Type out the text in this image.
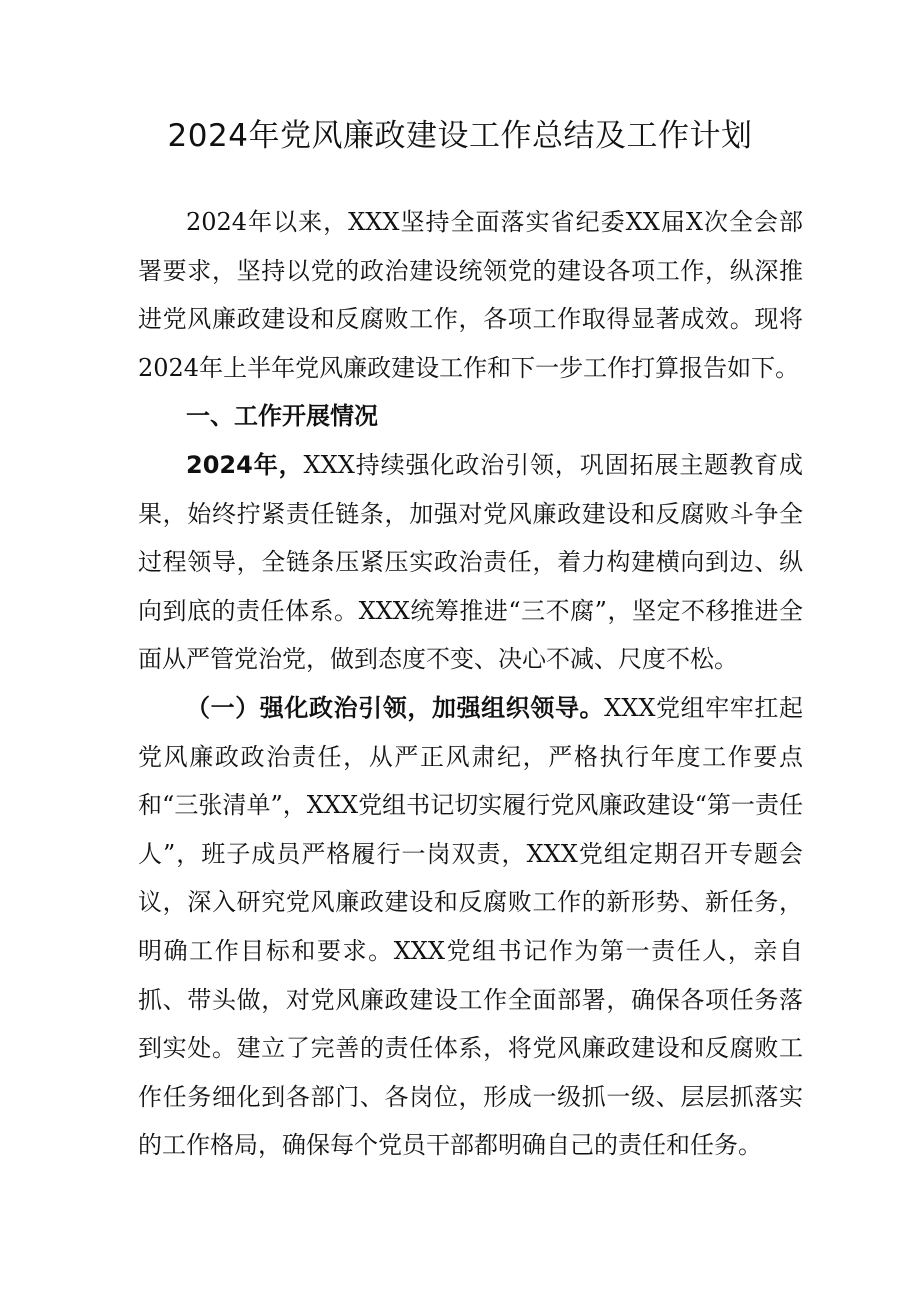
2024年党风廉政建设工作总结及工作计划

2024年以来，XXX坚持全面落实省纪委XX届X次全会部署要求，坚持以党的政治建设统领党的建设各项工作，纵深推进党风廉政建设和反腐败工作，各项工作取得显著成效。现将2024年上半年党风廉政建设工作和下一步工作打算报告如下。

一、工作开展情况

2024年，XXX持续强化政治引领，巩固拓展主题教育成果，始终拧紧责任链条，加强对党风廉政建设和反腐败斗争全过程领导，全链条压紧压实政治责任，着力构建横向到边、纵向到底的责任体系。XXX统筹推进“三不腐”，坚定不移推进全面从严管党治党，做到态度不变、决心不减、尺度不松。

（一）强化政治引领，加强组织领导。XXX党组牢牢扛起党风廉政政治责任，从严正风肃纪，严格执行年度工作要点和“三张清单”，XXX党组书记切实履行党风廉政建设“第一责任人”，班子成员严格履行一岗双责，XXX党组定期召开专题会议，深入研究党风廉政建设和反腐败工作的新形势、新任务，明确工作目标和要求。XXX党组书记作为第一责任人，亲自抓、带头做，对党风廉政建设工作全面部署，确保各项任务落到实处。建立了完善的责任体系，将党风廉政建设和反腐败工作任务细化到各部门、各岗位，形成一级抓一级、层层抓落实的工作格局，确保每个党员干部都明确自己的责任和任务。
